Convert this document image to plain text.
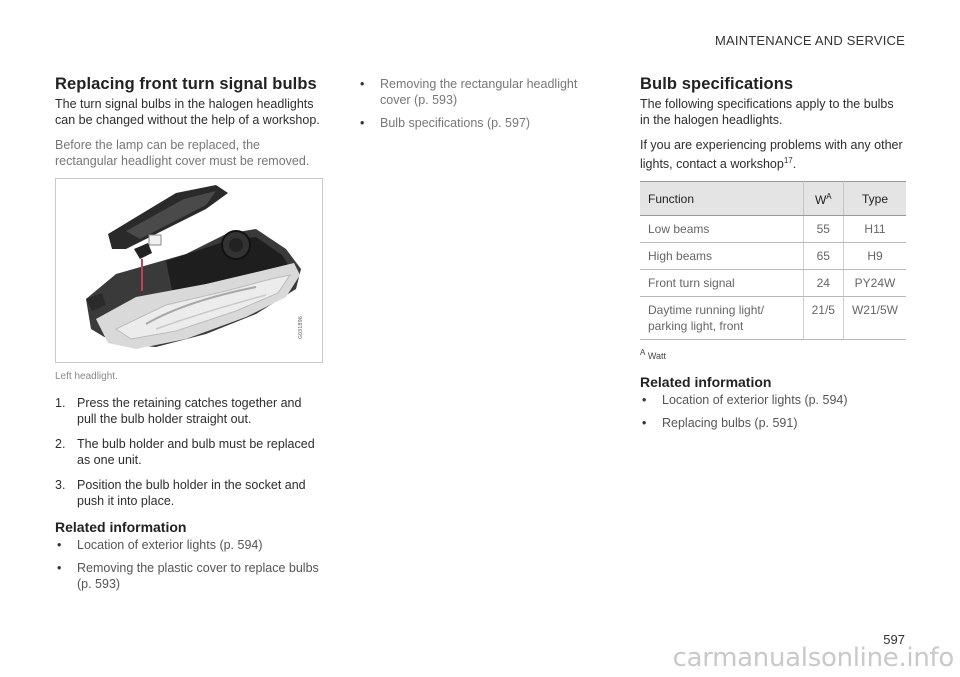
MAINTENANCE AND SERVICE
Replacing front turn signal bulbs

The turn signal bulbs in the halogen headlights can be changed without the help of a workshop.

Before the lamp can be replaced, the rectangular headlight cover must be removed.

G031896
Left headlight.
1. Press the retaining catches together and pull the bulb holder straight out.
2. The bulb holder and bulb must be replaced as one unit.
3. Position the bulb holder in the socket and push it into place.
Related information
• Location of exterior lights (p. 594)
• Removing the plastic cover to replace bulbs (p. 593)
• Removing the rectangular headlight cover (p. 593)
• Bulb specifications (p. 597)
Bulb specifications

The following specifications apply to the bulbs in the halogen headlights.

If you are experiencing problems with any other lights, contact a workshop$^{17}$.

Function	$W^A$	Type
Low beams	55	H11
High beams	65	H9
Front turn signal	24	PY24W
Daytime running light/ parking light, front	21/5	W21/5W
$^A$ Watt
Related information
• Location of exterior lights (p. 594)
• Replacing bulbs (p. 591)
597
carmanualsonline.info
